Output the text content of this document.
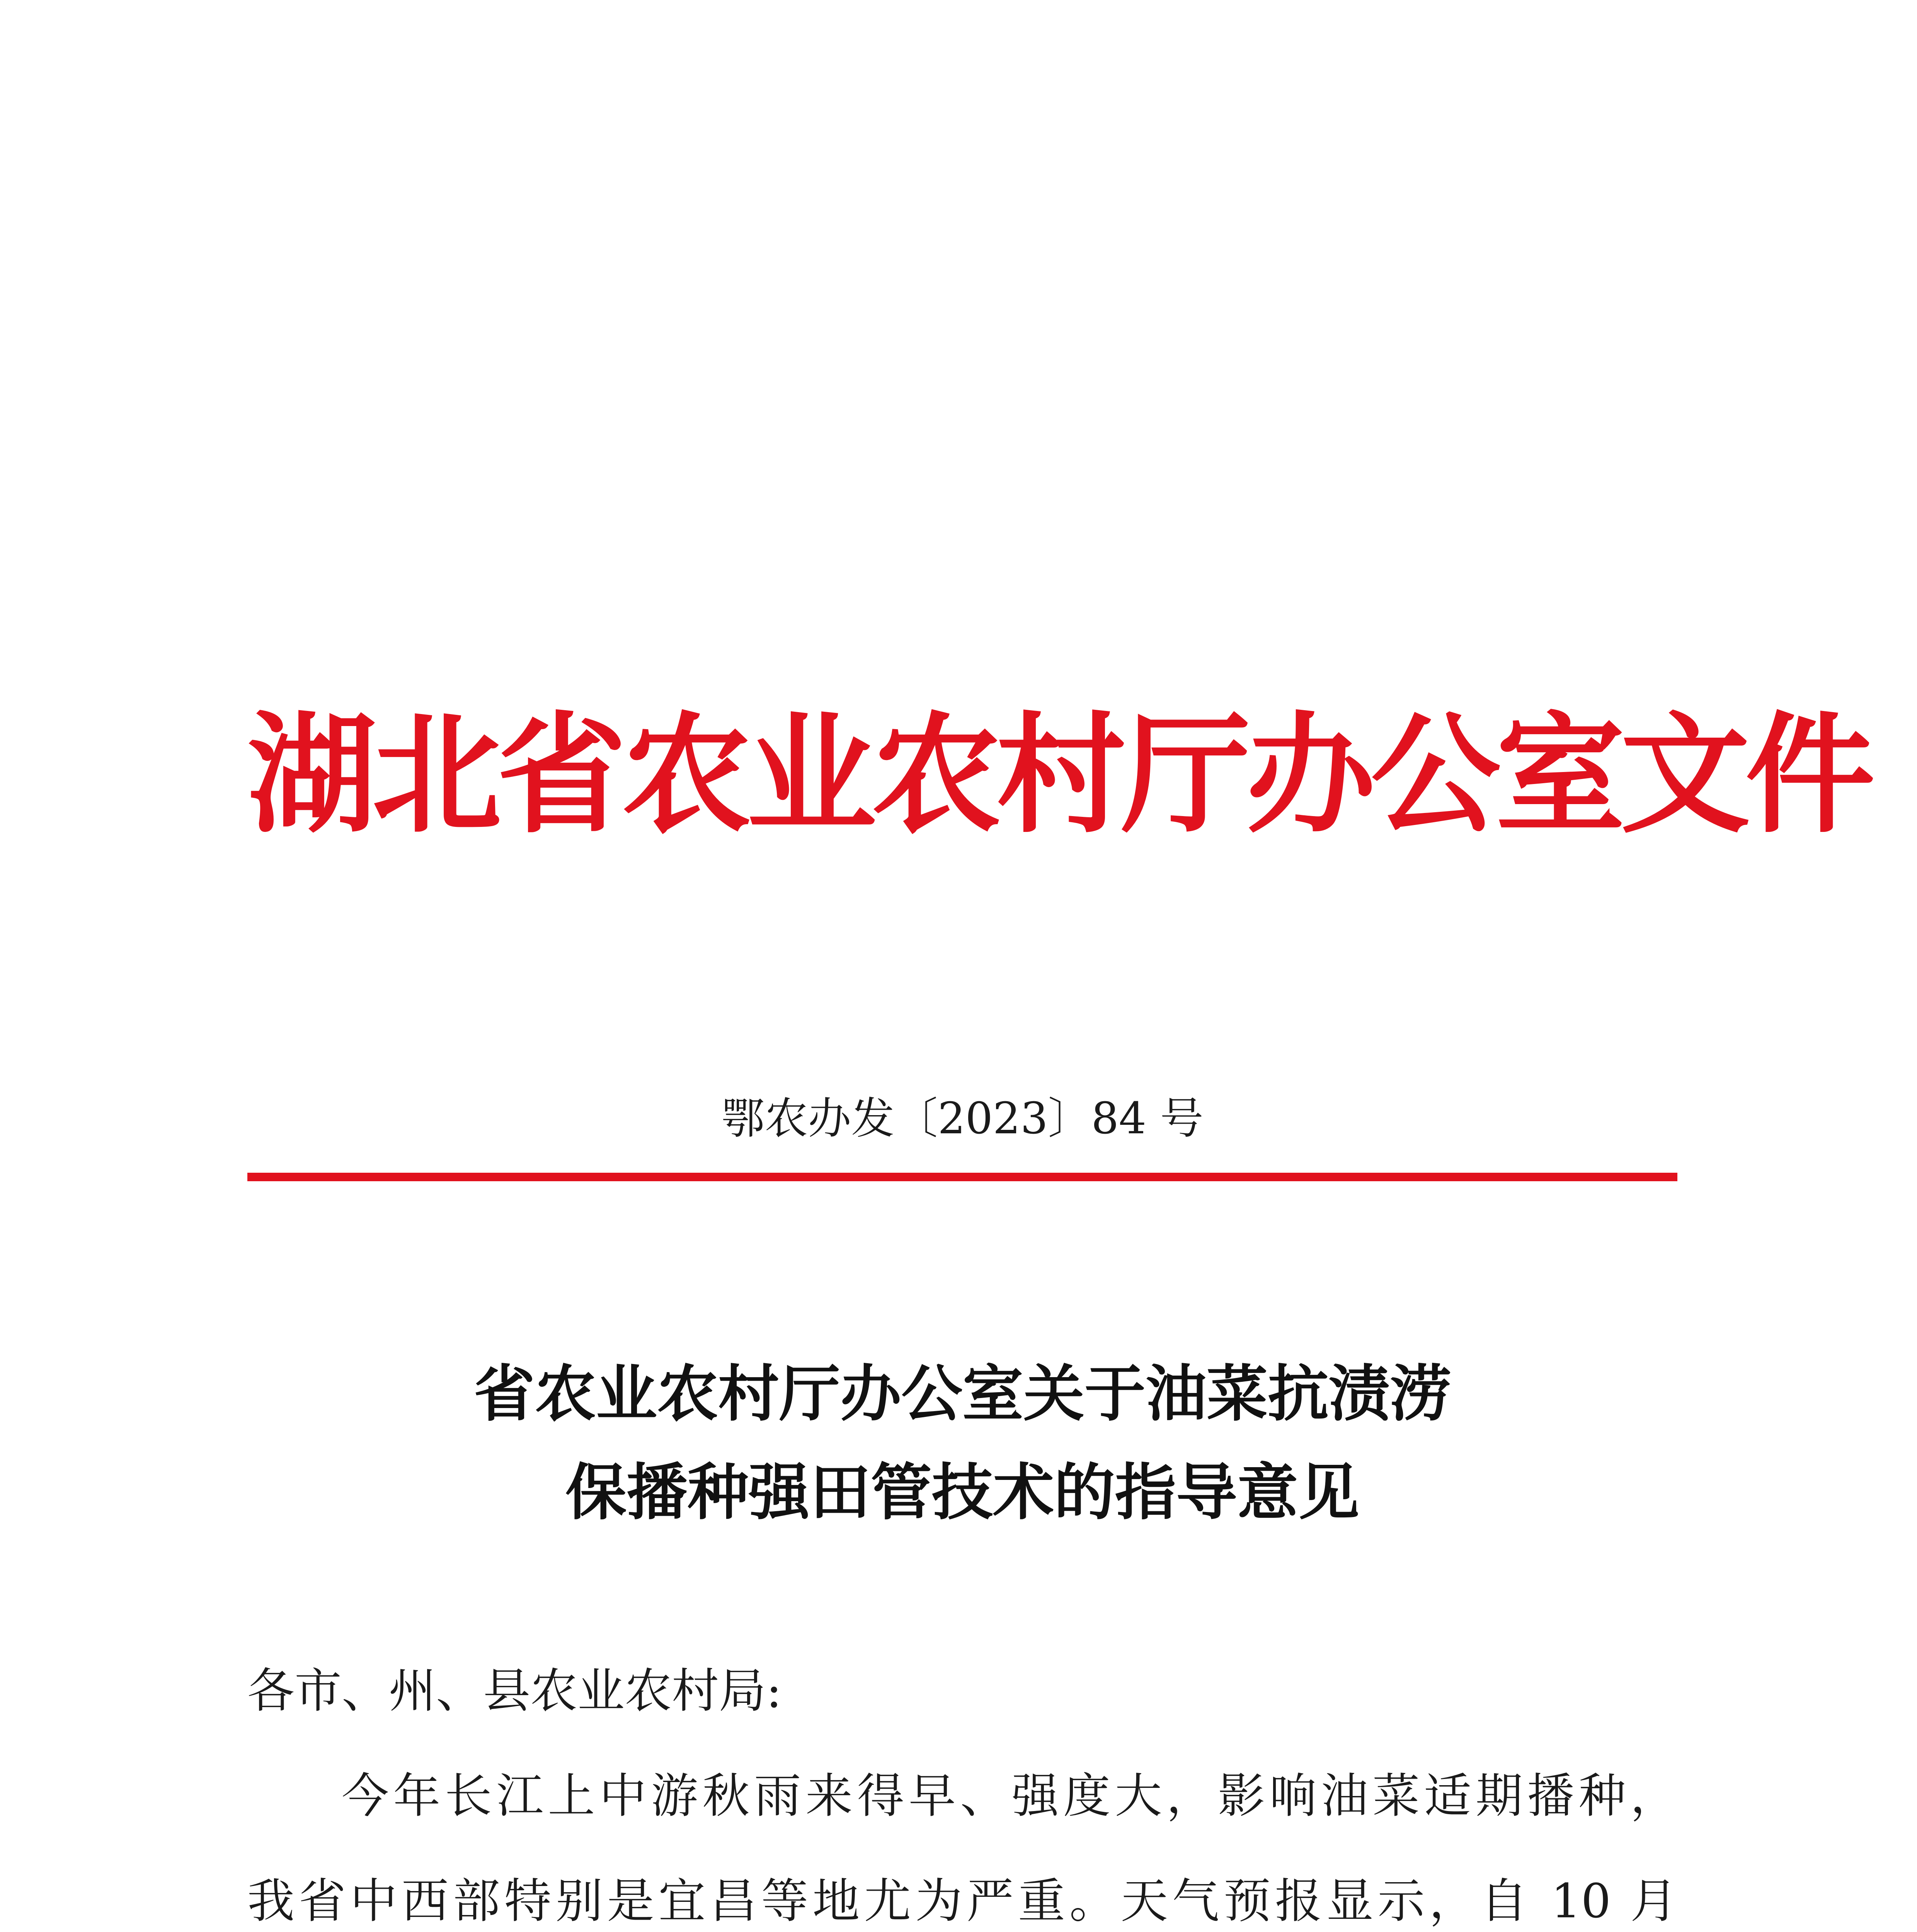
湖北省农业农村厅办公室文件
鄂农办发〔2023〕84 号
省农业农村厅办公室关于油菜抗渍涝
保播种强田管技术的指导意见
各市、州、县农业农村局:
今年长江上中游秋雨来得早、强度大，影响油菜适期播种，
我省中西部特别是宜昌等地尤为严重。天气预报显示，自 10 月
